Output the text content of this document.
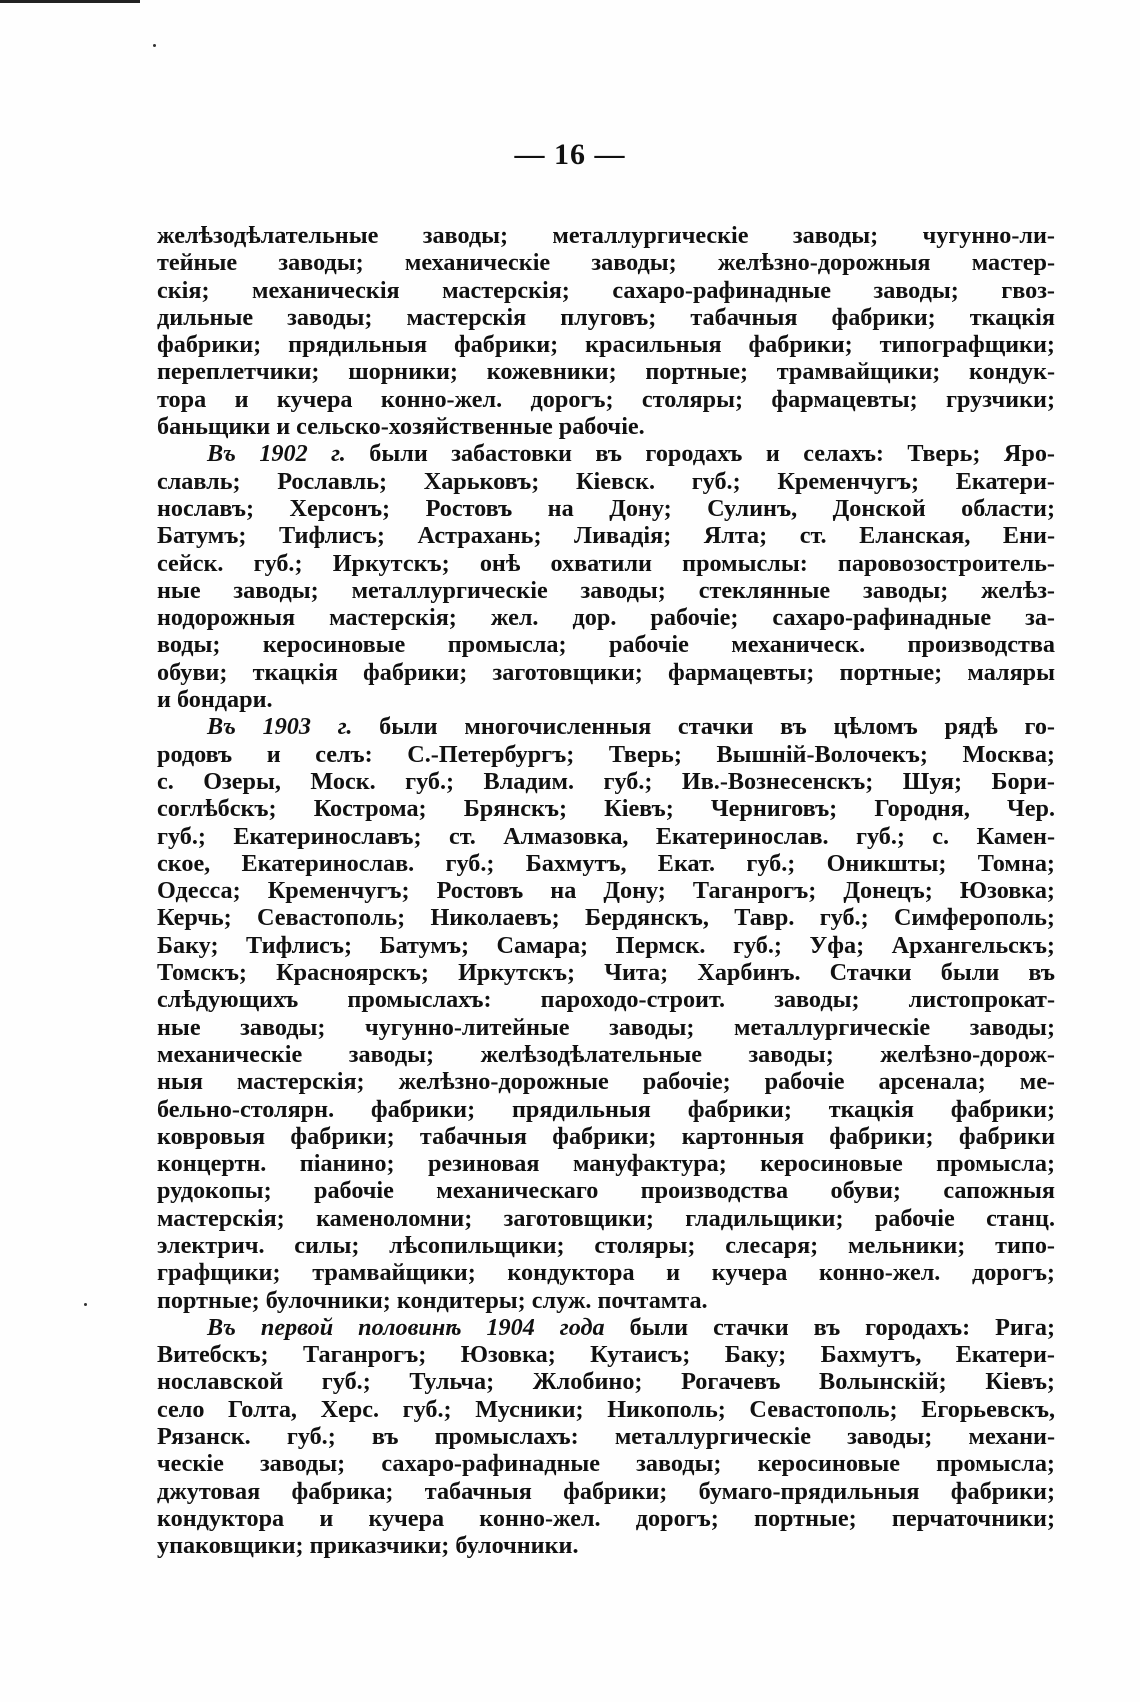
— 16 —
желѣзодѣлательные заводы; металлургическіе заводы; чугунно-ли-
тейные заводы; механическіе заводы; желѣзно-дорожныя мастер-
скія; механическія мастерскія; сахаро-рафинадные заводы; гвоз-
дильные заводы; мастерскія плуговъ; табачныя фабрики; ткацкія
фабрики; прядильныя фабрики; красильныя фабрики; типографщики;
переплетчики; шорники; кожевники; портные; трамвайщики; кондук-
тора и кучера конно-жел. дорогъ; столяры; фармацевты; грузчики;
баньщики и сельско-хозяйственные рабочіе.
Въ 1902 г. были забастовки въ городахъ и селахъ: Тверь; Яро-
славль; Рославль; Харьковъ; Кіевск. губ.; Кременчугъ; Екатери-
нославъ; Херсонъ; Ростовъ на Дону; Сулинъ, Донской области;
Батумъ; Тифлисъ; Астрахань; Ливадія; Ялта; ст. Еланская, Ени-
сейск. губ.; Иркутскъ; онѣ охватили промыслы: паровозостроитель-
ные заводы; металлургическіе заводы; стеклянные заводы; желѣз-
нодорожныя мастерскія; жел. дор. рабочіе; сахаро-рафинадные за-
воды; керосиновые промысла; рабочіе механическ. производства
обуви; ткацкія фабрики; заготовщики; фармацевты; портные; маляры
и бондари.
Въ 1903 г. были многочисленныя стачки въ цѣломъ рядѣ го-
родовъ и селъ: С.-Петербургъ; Тверь; Вышній-Волочекъ; Москва;
с. Озеры, Моск. губ.; Владим. губ.; Ив.-Вознесенскъ; Шуя; Бори-
соглѣбскъ; Кострома; Брянскъ; Кіевъ; Черниговъ; Городня, Чер.
губ.; Екатеринославъ; ст. Алмазовка, Екатеринослав. губ.; с. Камен-
ское, Екатеринослав. губ.; Бахмутъ, Екат. губ.; Оникшты; Томна;
Одесса; Кременчугъ; Ростовъ на Дону; Таганрогъ; Донецъ; Юзовка;
Керчь; Севастополь; Николаевъ; Бердянскъ, Тавр. губ.; Симферополь;
Баку; Тифлисъ; Батумъ; Самара; Пермск. губ.; Уфа; Архангельскъ;
Томскъ; Красноярскъ; Иркутскъ; Чита; Харбинъ. Стачки были въ
слѣдующихъ промыслахъ: пароходо-строит. заводы; листопрокат-
ные заводы; чугунно-литейные заводы; металлургическіе заводы;
механическіе заводы; желѣзодѣлательные заводы; желѣзно-дорож-
ныя мастерскія; желѣзно-дорожные рабочіе; рабочіе арсенала; ме-
бельно-столярн. фабрики; прядильныя фабрики; ткацкія фабрики;
ковровыя фабрики; табачныя фабрики; картонныя фабрики; фабрики
концертн. піанино; резиновая мануфактура; керосиновые промысла;
рудокопы; рабочіе механическаго производства обуви; сапожныя
мастерскія; каменоломни; заготовщики; гладильщики; рабочіе станц.
электрич. силы; лѣсопильщики; столяры; слесаря; мельники; типо-
графщики; трамвайщики; кондуктора и кучера конно-жел. дорогъ;
портные; булочники; кондитеры; служ. почтамта.
Въ первой половинѣ 1904 года были стачки въ городахъ: Рига;
Витебскъ; Таганрогъ; Юзовка; Кутаисъ; Баку; Бахмутъ, Екатери-
нославской губ.; Тульча; Жлобино; Рогачевъ Волынскій; Кіевъ;
село Голта, Херс. губ.; Мусники; Никополь; Севастополь; Егорьевскъ,
Рязанск. губ.; въ промыслахъ: металлургическіе заводы; механи-
ческіе заводы; сахаро-рафинадные заводы; керосиновые промысла;
джутовая фабрика; табачныя фабрики; бумаго-прядильныя фабрики;
кондуктора и кучера конно-жел. дорогъ; портные; перчаточники;
упаковщики; приказчики; булочники.
